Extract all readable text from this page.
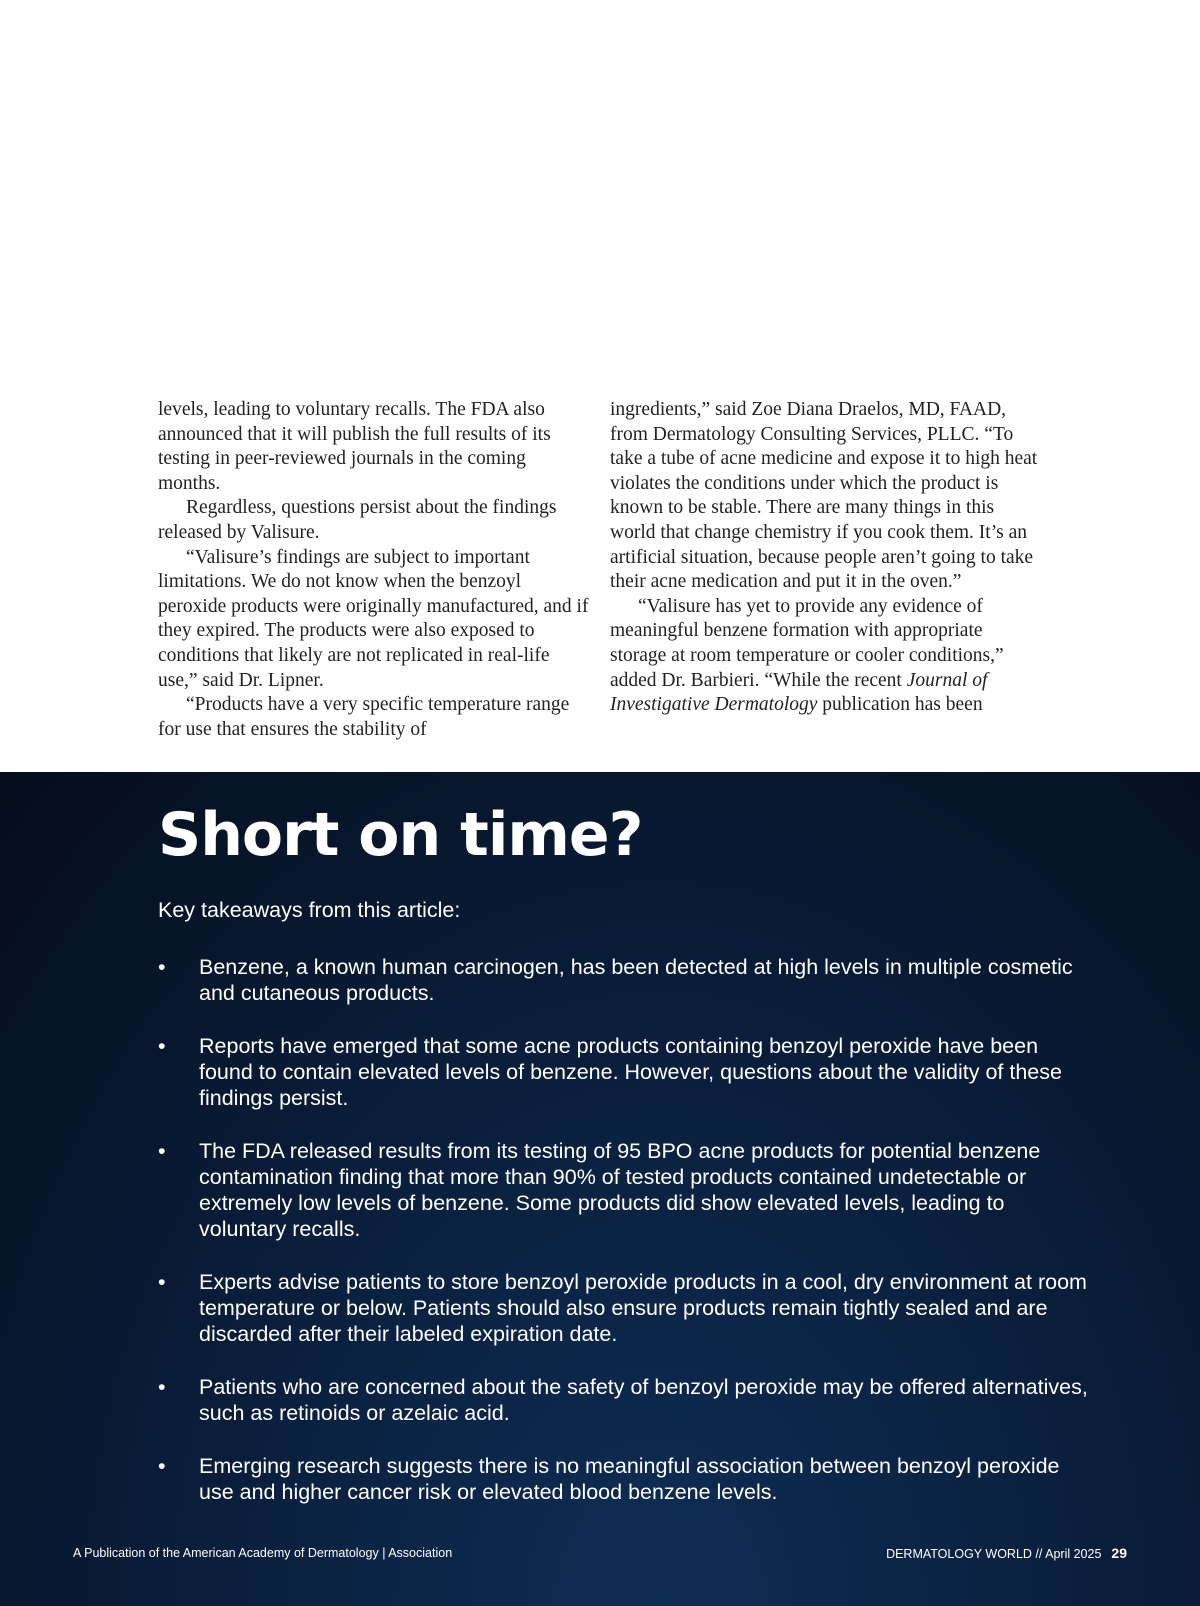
levels, leading to voluntary recalls. The FDA also announced that it will publish the full results of its testing in peer-reviewed journals in the coming months.

Regardless, questions persist about the findings released by Valisure.

“Valisure’s findings are subject to important limitations. We do not know when the benzoyl peroxide products were originally manufactured, and if they expired. The products were also exposed to conditions that likely are not replicated in real-life use,” said Dr. Lipner.

“Products have a very specific temperature range for use that ensures the stability of

ingredients,” said Zoe Diana Draelos, MD, FAAD, from Dermatology Consulting Services, PLLC. “To take a tube of acne medicine and expose it to high heat violates the conditions under which the product is known to be stable. There are many things in this world that change chemistry if you cook them. It’s an artificial situation, because people aren’t going to take their acne medication and put it in the oven.”

“Valisure has yet to provide any evidence of meaningful benzene formation with appropriate storage at room temperature or cooler conditions,” added Dr. Barbieri. “While the recent Journal of Investigative Dermatology publication has been

Short on time?

Key takeaways from this article:

• Benzene, a known human carcinogen, has been detected at high levels in multiple cosmetic and cutaneous products.
• Reports have emerged that some acne products containing benzoyl peroxide have been found to contain elevated levels of benzene. However, questions about the validity of these findings persist.
• The FDA released results from its testing of 95 BPO acne products for potential benzene contamination finding that more than 90% of tested products contained undetectable or extremely low levels of benzene. Some products did show elevated levels, leading to voluntary recalls.
• Experts advise patients to store benzoyl peroxide products in a cool, dry environment at room temperature or below. Patients should also ensure products remain tightly sealed and are discarded after their labeled expiration date.
• Patients who are concerned about the safety of benzoyl peroxide may be offered alternatives, such as retinoids or azelaic acid.
• Emerging research suggests there is no meaningful association between benzoyl peroxide use and higher cancer risk or elevated blood benzene levels.
A Publication of the American Academy of Dermatology | Association	DERMATOLOGY WORLD // April 2025 29
